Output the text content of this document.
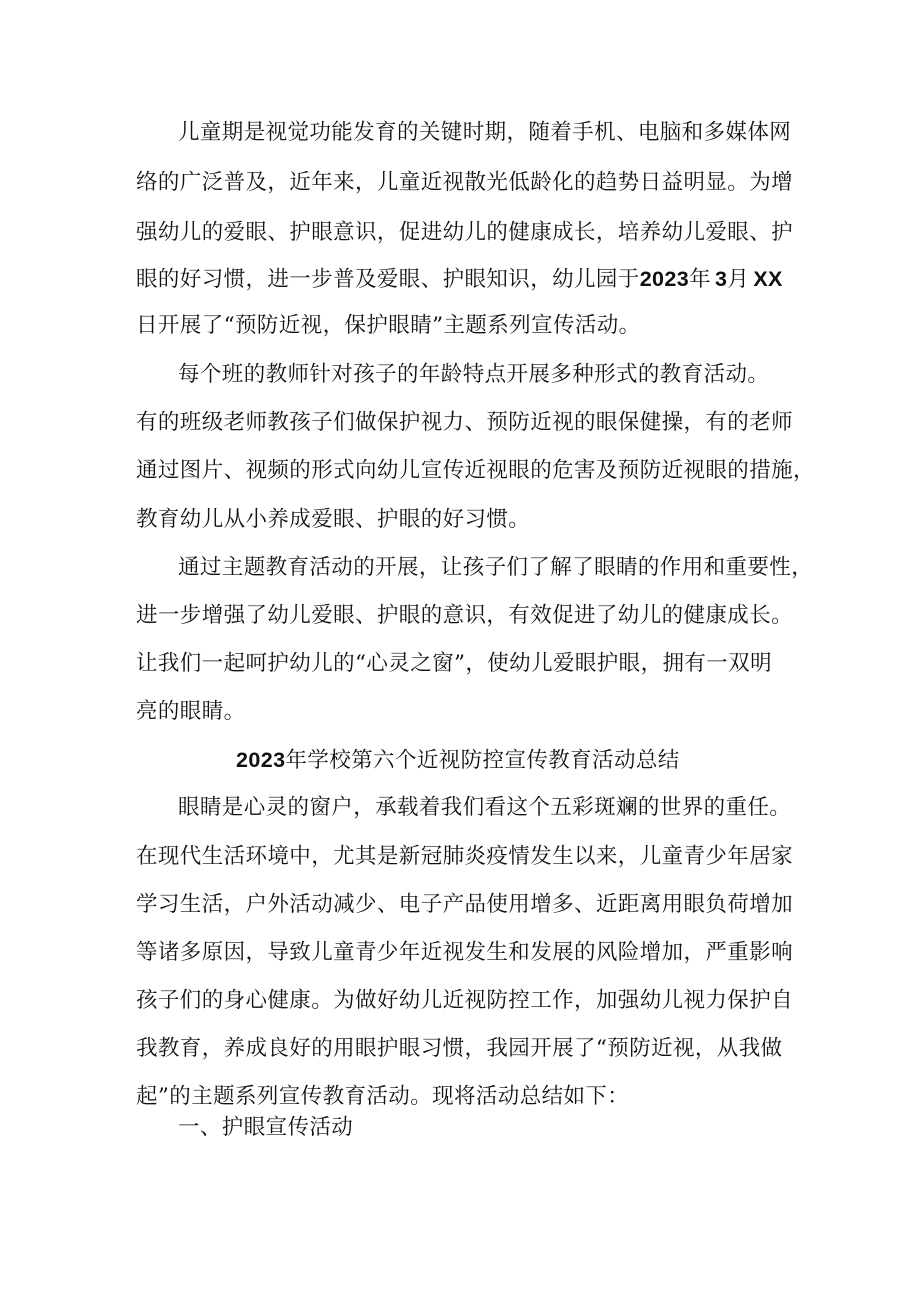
儿童期是视觉功能发育的关键时期，随着手机、电脑和多媒体网
络的广泛普及，近年来，儿童近视散光低龄化的趋势日益明显。为增
强幼儿的爱眼、护眼意识，促进幼儿的健康成长，培养幼儿爱眼、护
眼的好习惯，进一步普及爱眼、护眼知识，幼儿园于2023年 3月 XX
日开展了“预防近视，保护眼睛”主题系列宣传活动。
每个班的教师针对孩子的年龄特点开展多种形式的教育活动。
有的班级老师教孩子们做保护视力、预防近视的眼保健操，有的老师
通过图片、视频的形式向幼儿宣传近视眼的危害及预防近视眼的措施，
教育幼儿从小养成爱眼、护眼的好习惯。
通过主题教育活动的开展，让孩子们了解了眼睛的作用和重要性，
进一步增强了幼儿爱眼、护眼的意识，有效促进了幼儿的健康成长。
让我们一起呵护幼儿的“心灵之窗”，使幼儿爱眼护眼，拥有一双明
亮的眼睛。
2023年学校第六个近视防控宣传教育活动总结
眼睛是心灵的窗户，承载着我们看这个五彩斑斓的世界的重任。
在现代生活环境中，尤其是新冠肺炎疫情发生以来，儿童青少年居家
学习生活，户外活动减少、电子产品使用增多、近距离用眼负荷增加
等诸多原因，导致儿童青少年近视发生和发展的风险增加，严重影响
孩子们的身心健康。为做好幼儿近视防控工作，加强幼儿视力保护自
我教育，养成良好的用眼护眼习惯，我园开展了“预防近视，从我做
起”的主题系列宣传教育活动。现将活动总结如下：
一、护眼宣传活动
